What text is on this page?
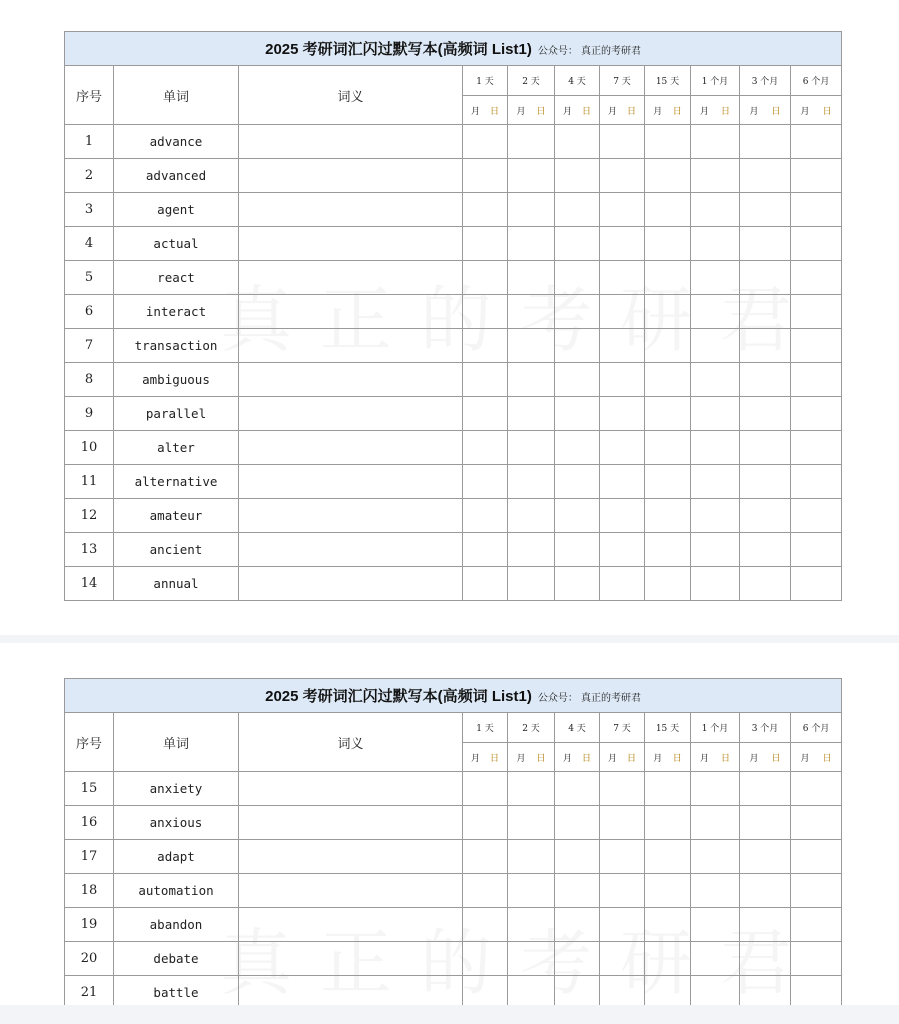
真正的考研君
2025 考研词汇闪过默写本(高频词 List1) 公众号： 真正的考研君										
序号	单词	词义	1 天	2 天	4 天	7 天	15 天	1 个月	3 个月	6 个月

			月 日	月 日	月 日	月 日	月 日	月 日	月 日	月 日

1	advance									
2	advanced									
3	agent									
4	actual									
5	react									
6	interact									
7	transaction									
8	ambiguous									
9	parallel									
10	alter									
11	alternative									
12	amateur									
13	ancient									
14	annual									
真正的考研君
2025 考研词汇闪过默写本(高频词 List1) 公众号： 真正的考研君										
序号	单词	词义	1 天	2 天	4 天	7 天	15 天	1 个月	3 个月	6 个月

			月 日	月 日	月 日	月 日	月 日	月 日	月 日	月 日

15	anxiety									
16	anxious									
17	adapt									
18	automation									
19	abandon									
20	debate									
21	battle									
